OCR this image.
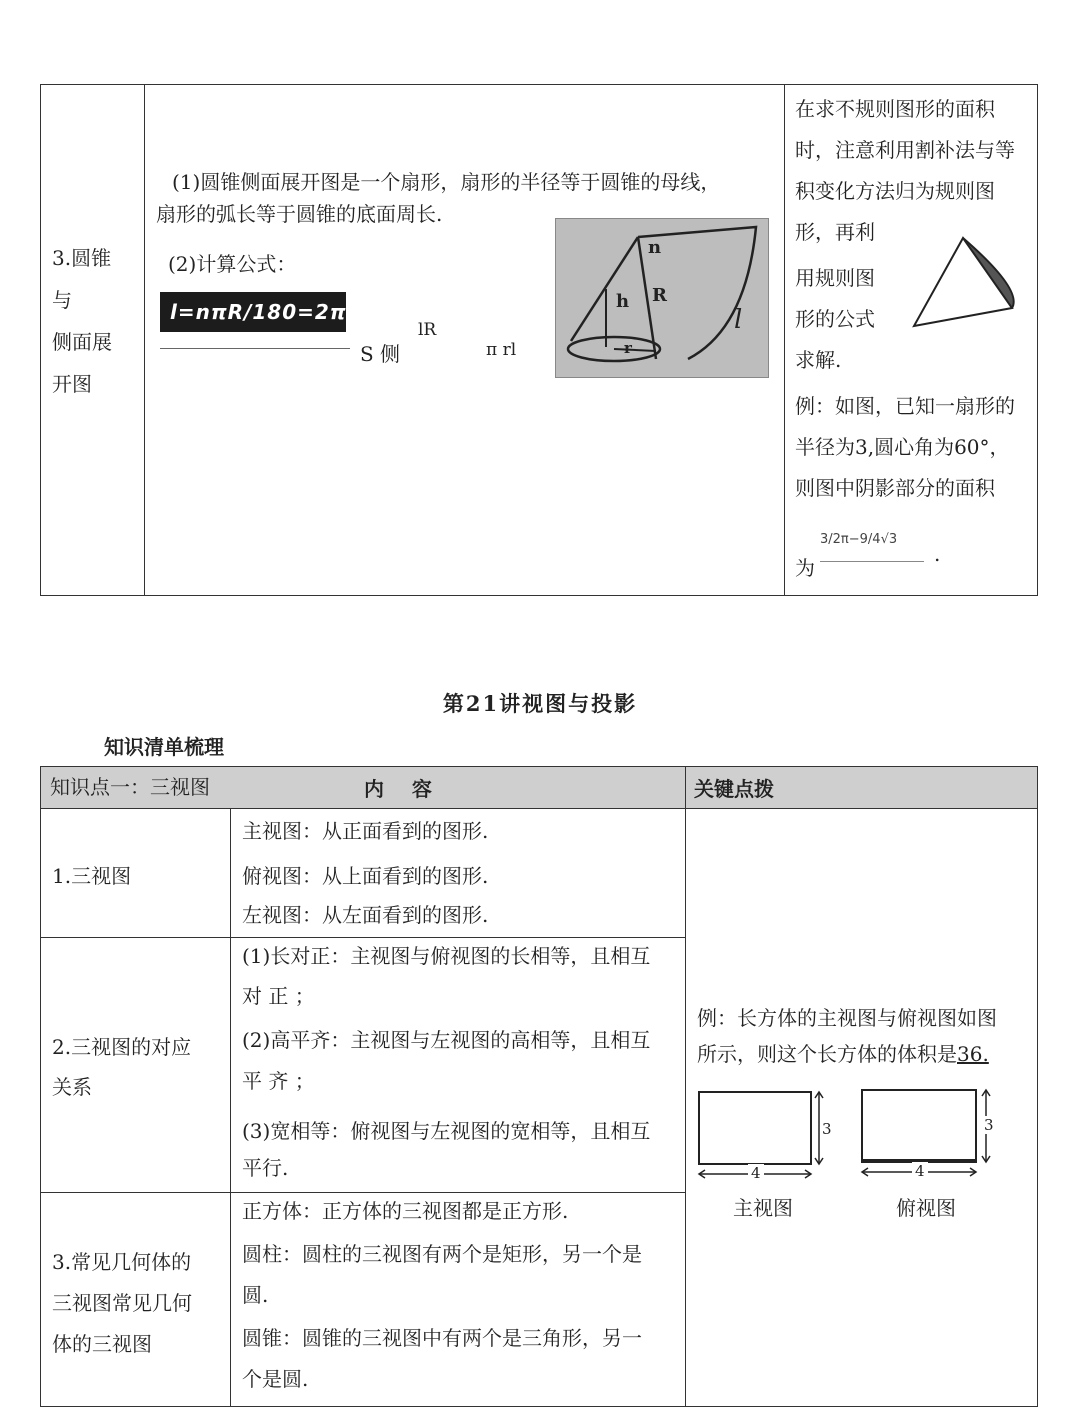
3.圆锥
与
侧面展
开图
(1)圆锥侧面展开图是一个扇形，扇形的半径等于圆锥的母线，
扇形的弧长等于圆锥的底面周长.
(2)计算公式：
l=nπR/180=2πr
S 侧
lR
π rl
n
h R
r
l
在求不规则图形的面积
时，注意利用割补法与等
积变化方法归为规则图
形，再利
用规则图
形的公式
求解.
例：如图，已知一扇形的
半径为3,圆心角为60°，
则图中阴影部分的面积
为
3/2π−9/4√3
.
第21讲视图与投影
知识清单梳理
知识点一：三视图	内    容	关键点拨
1.三视图
主视图：从正面看到的图形.
俯视图：从上面看到的图形.
左视图：从左面看到的图形.
2.三视图的对应
关系
(1)长对正：主视图与俯视图的长相等，且相互
对 正 ；
(2)高平齐：主视图与左视图的高相等，且相互
平 齐 ；
(3)宽相等：俯视图与左视图的宽相等，且相互
平行.
3.常见几何体的
三视图常见几何
体的三视图
正方体：正方体的三视图都是正方形.
圆柱：圆柱的三视图有两个是矩形，另一个是
圆.
圆锥：圆锥的三视图中有两个是三角形，另一
个是圆.
例：长方体的主视图与俯视图如图
所示，则这个长方体的体积是36.
3
4
主视图
3
4
俯视图
